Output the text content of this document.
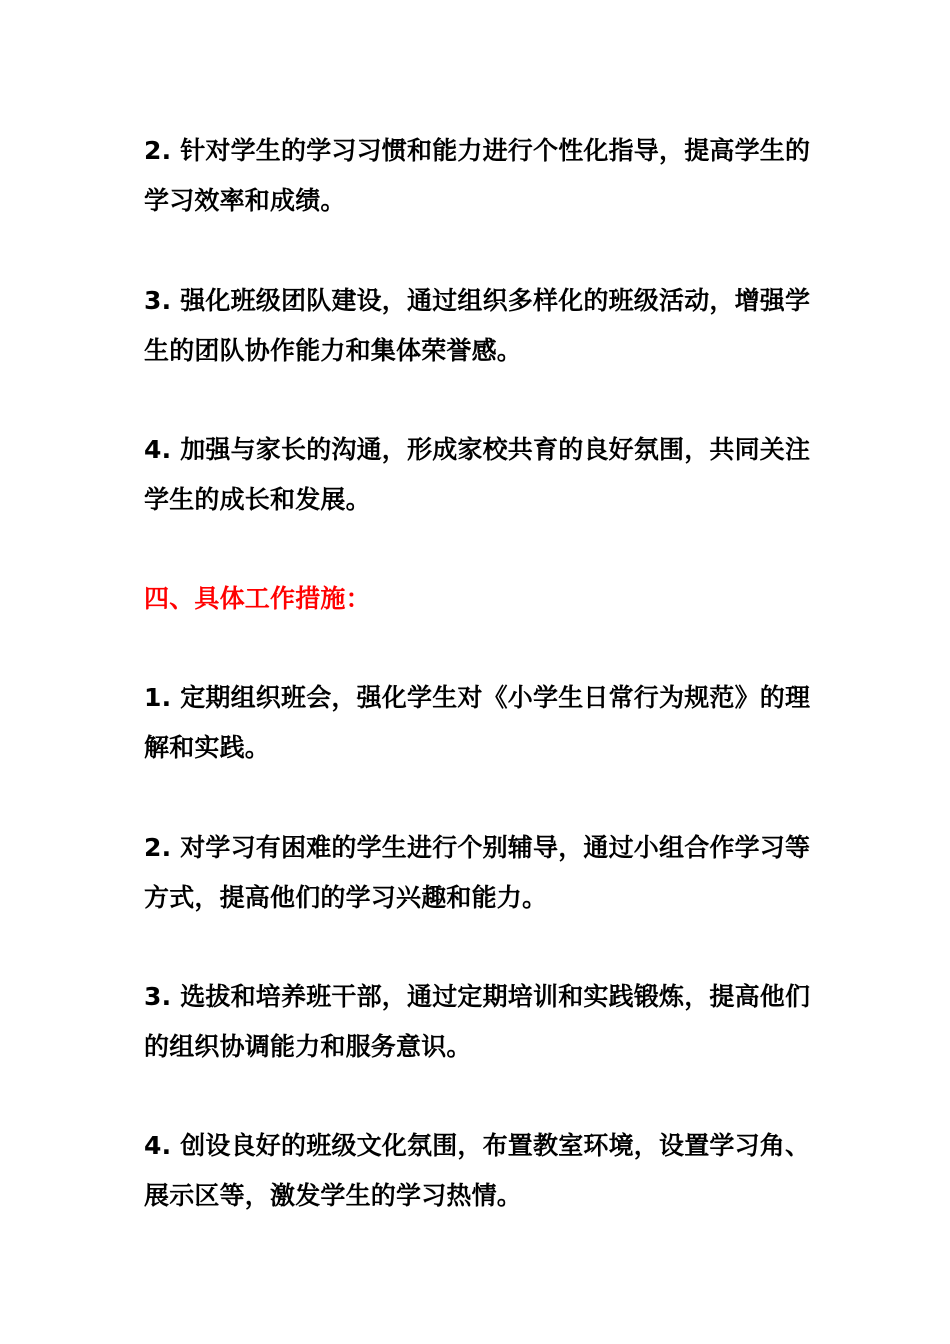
2. 针对学生的学习习惯和能力进行个性化指导，提高学生的学习效率和成绩。

3. 强化班级团队建设，通过组织多样化的班级活动，增强学生的团队协作能力和集体荣誉感。

4. 加强与家长的沟通，形成家校共育的良好氛围，共同关注学生的成长和发展。

四、具体工作措施：

1. 定期组织班会，强化学生对《小学生日常行为规范》的理解和实践。

2. 对学习有困难的学生进行个别辅导，通过小组合作学习等方式，提高他们的学习兴趣和能力。

3. 选拔和培养班干部，通过定期培训和实践锻炼，提高他们的组织协调能力和服务意识。

4. 创设良好的班级文化氛围，布置教室环境，设置学习角、展示区等，激发学生的学习热情。
